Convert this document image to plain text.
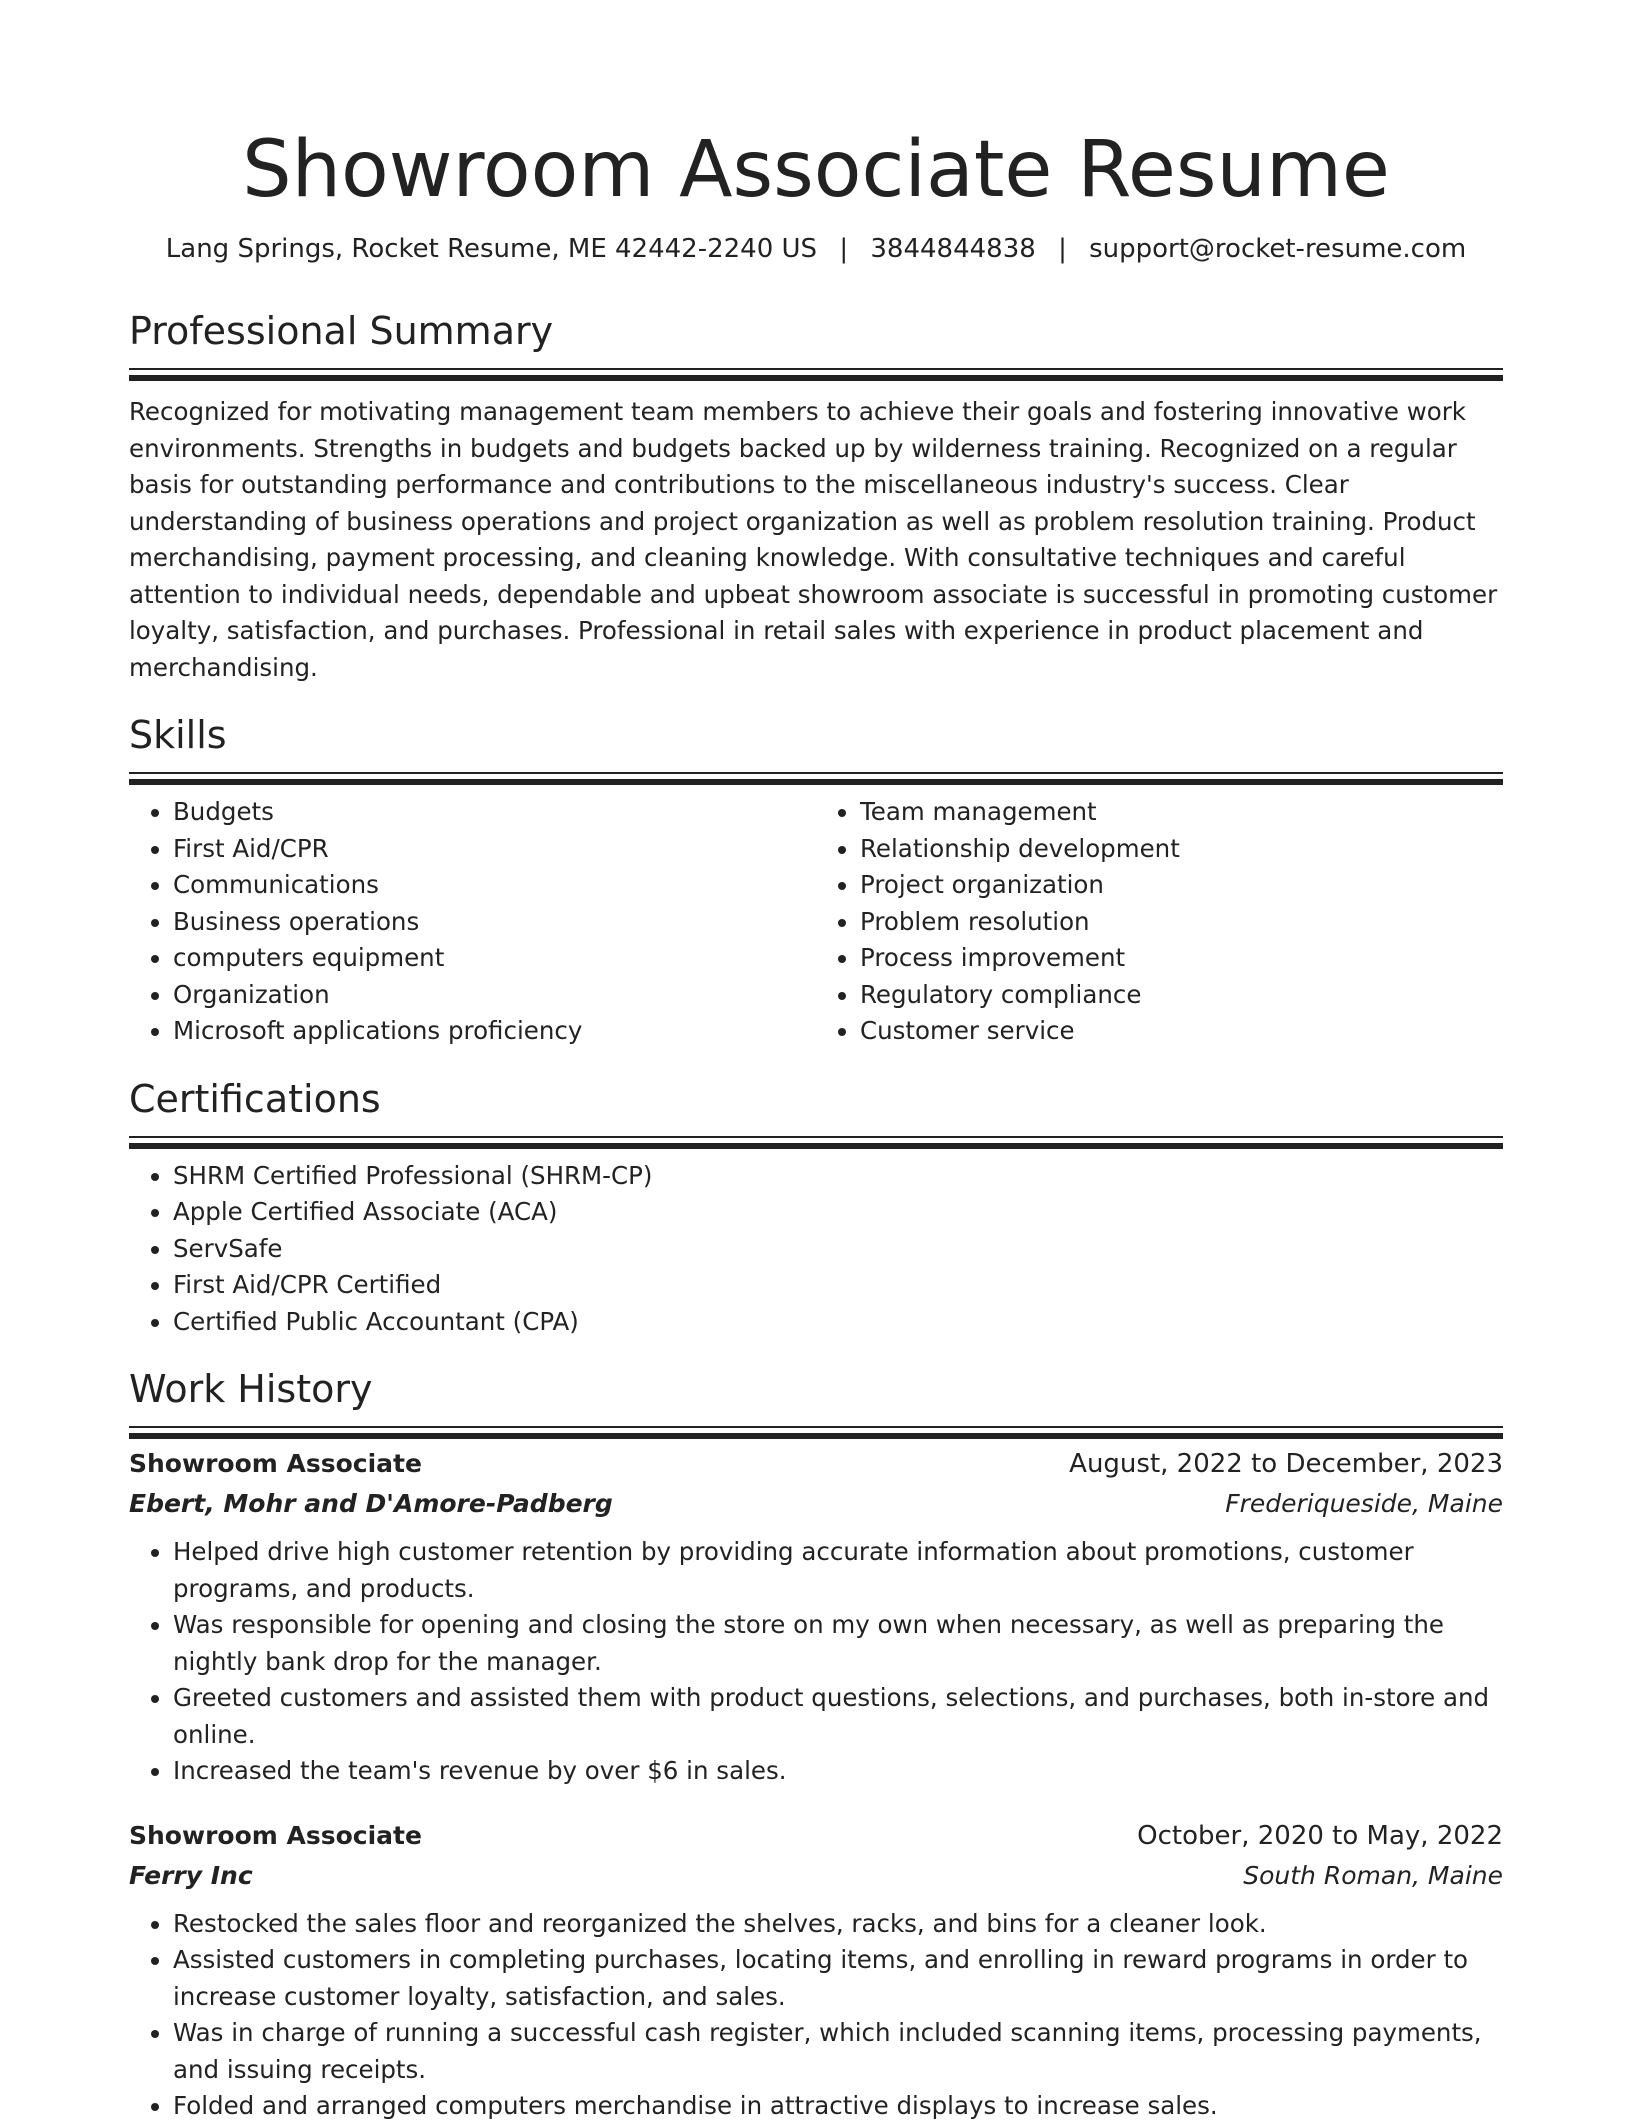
Showroom Associate Resume
Lang Springs, Rocket Resume, ME 42442-2240 US | 3844844838 | support@rocket-resume.com
Professional Summary
Recognized for motivating management team members to achieve their goals and fostering innovative work environments. Strengths in budgets and budgets backed up by wilderness training. Recognized on a regular basis for outstanding performance and contributions to the miscellaneous industry's success. Clear understanding of business operations and project organization as well as problem resolution training. Product merchandising, payment processing, and cleaning knowledge. With consultative techniques and careful attention to individual needs, dependable and upbeat showroom associate is successful in promoting customer loyalty, satisfaction, and purchases. Professional in retail sales with experience in product placement and merchandising.
Skills
• Budgets
• First Aid/CPR
• Communications
• Business operations
• computers equipment
• Organization
• Microsoft applications proficiency
• Team management
• Relationship development
• Project organization
• Problem resolution
• Process improvement
• Regulatory compliance
• Customer service
Certifications
• SHRM Certified Professional (SHRM-CP)
• Apple Certified Associate (ACA)
• ServSafe
• First Aid/CPR Certified
• Certified Public Accountant (CPA)
Work History
Showroom Associate	August, 2022 to December, 2023
Ebert, Mohr and D'Amore-Padberg	Frederiqueside, Maine
• Helped drive high customer retention by providing accurate information about promotions, customer programs, and products.
• Was responsible for opening and closing the store on my own when necessary, as well as preparing the nightly bank drop for the manager.
• Greeted customers and assisted them with product questions, selections, and purchases, both in-store and online.
• Increased the team's revenue by over $6 in sales.
Showroom Associate	October, 2020 to May, 2022
Ferry Inc	South Roman, Maine
• Restocked the sales floor and reorganized the shelves, racks, and bins for a cleaner look.
• Assisted customers in completing purchases, locating items, and enrolling in reward programs in order to increase customer loyalty, satisfaction, and sales.
• Was in charge of running a successful cash register, which included scanning items, processing payments, and issuing receipts.
• Folded and arranged computers merchandise in attractive displays to increase sales.
